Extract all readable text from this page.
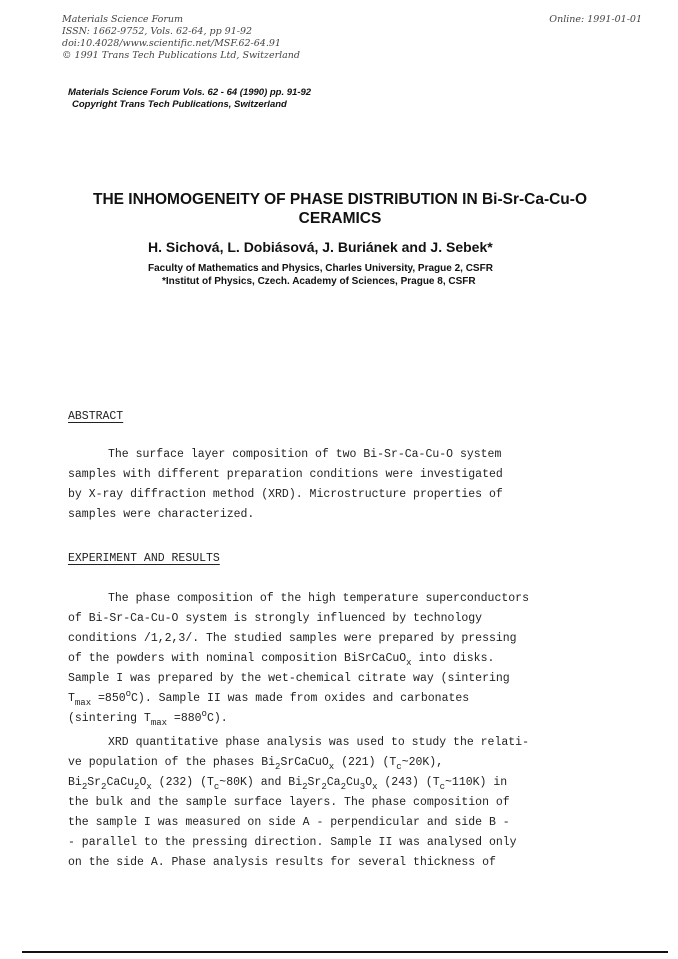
Materials Science Forum
ISSN: 1662-9752, Vols. 62-64, pp 91-92
doi:10.4028/www.scientific.net/MSF.62-64.91
© 1991 Trans Tech Publications Ltd, Switzerland
Online: 1991-01-01
Materials Science Forum Vols. 62 - 64 (1990) pp. 91-92
Copyright Trans Tech Publications, Switzerland
THE INHOMOGENEITY OF PHASE DISTRIBUTION IN Bi-Sr-Ca-Cu-O
CERAMICS
H. Sichová, L. Dobiásová, J. Buriánek and J. Sebek*
Faculty of Mathematics and Physics, Charles University, Prague 2, CSFR
*Institut of Physics, Czech. Academy of Sciences, Prague 8, CSFR
ABSTRACT
The surface layer composition of two Bi-Sr-Ca-Cu-O system
samples with different preparation conditions were investigated
by X-ray diffraction method (XRD). Microstructure properties of
samples were characterized.
EXPERIMENT AND RESULTS
The phase composition of the high temperature superconductors
of Bi-Sr-Ca-Cu-O system is strongly influenced by technology
conditions /1,2,3/. The studied samples were prepared by pressing
of the powders with nominal composition BiSrCaCuO$_x$ into disks.
Sample I was prepared by the wet-chemical citrate way (sintering
$T_{max} =850^oC$). Sample II was made from oxides and carbonates
(sintering $T_{max} =880^oC$).
XRD quantitative phase analysis was used to study the relati-
ve population of the phases $Bi_2SrCaCuO_x$ (221) $(T_c\sim 20K)$,
$Bi_2Sr_2CaCu_2O_x$ (232) $(T_c\sim 80K)$ and $Bi_2Sr_2Ca_2Cu_3O_x$ (243) $(T_c\sim 110K)$ in
the bulk and the sample surface layers. The phase composition of
the sample I was measured on side A - perpendicular and side B -
- parallel to the pressing direction. Sample II was analysed only
on the side A. Phase analysis results for several thickness of
